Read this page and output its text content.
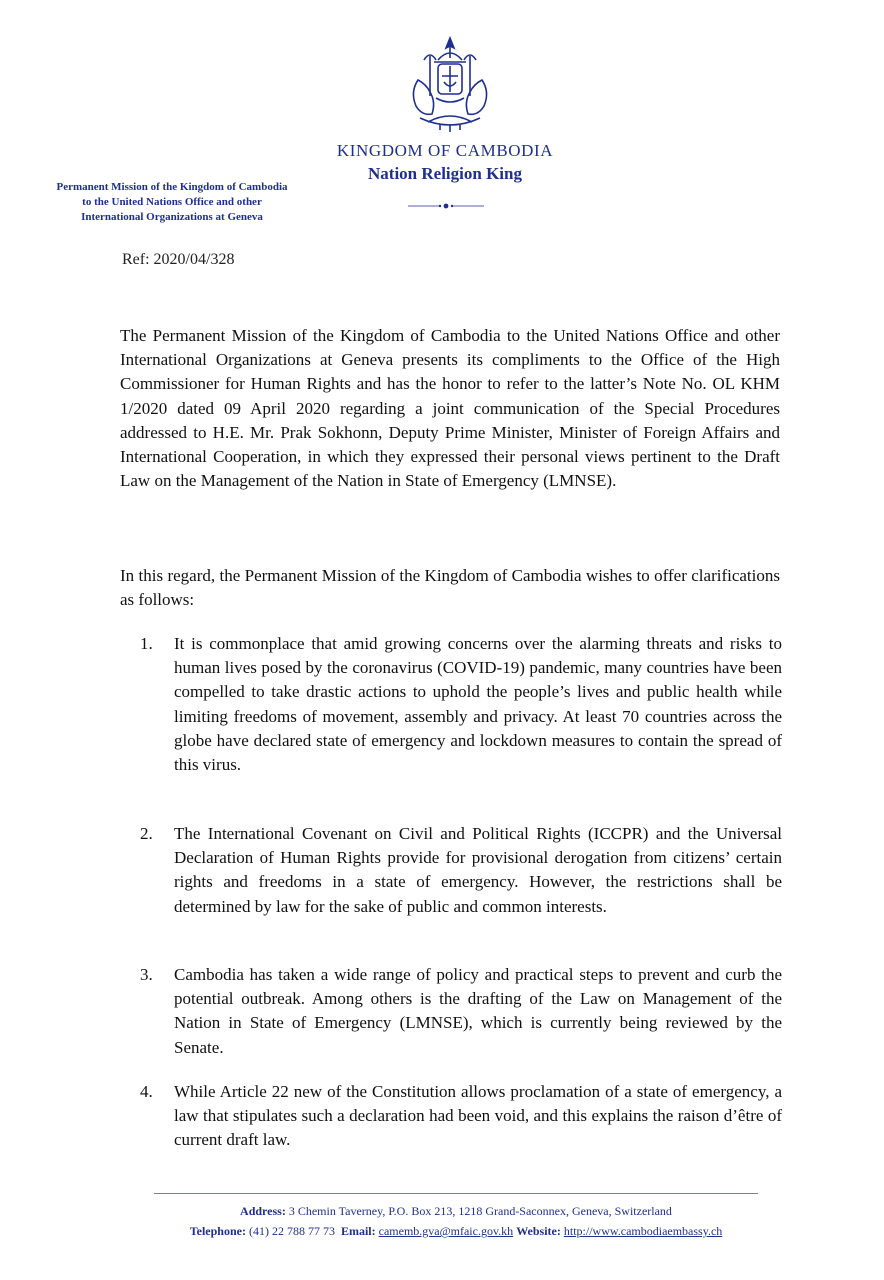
KINGDOM OF CAMBODIA
Nation Religion King
Permanent Mission of the Kingdom of Cambodia
to the United Nations Office and other
International Organizations at Geneva
Ref: 2020/04/328

The Permanent Mission of the Kingdom of Cambodia to the United Nations Office and other International Organizations at Geneva presents its compliments to the Office of the High Commissioner for Human Rights and has the honor to refer to the latter’s Note No. OL KHM 1/2020 dated 09 April 2020 regarding a joint communication of the Special Procedures addressed to H.E. Mr. Prak Sokhonn, Deputy Prime Minister, Minister of Foreign Affairs and International Cooperation, in which they expressed their personal views pertinent to the Draft Law on the Management of the Nation in State of Emergency (LMNSE).

In this regard, the Permanent Mission of the Kingdom of Cambodia wishes to offer clarifications as follows:

1. It is commonplace that amid growing concerns over the alarming threats and risks to human lives posed by the coronavirus (COVID-19) pandemic, many countries have been compelled to take drastic actions to uphold the people’s lives and public health while limiting freedoms of movement, assembly and privacy. At least 70 countries across the globe have declared state of emergency and lockdown measures to contain the spread of this virus.
2. The International Covenant on Civil and Political Rights (ICCPR) and the Universal Declaration of Human Rights provide for provisional derogation from citizens’ certain rights and freedoms in a state of emergency. However, the restrictions shall be determined by law for the sake of public and common interests.
3. Cambodia has taken a wide range of policy and practical steps to prevent and curb the potential outbreak. Among others is the drafting of the Law on Management of the Nation in State of Emergency (LMNSE), which is currently being reviewed by the Senate.
4. While Article 22 new of the Constitution allows proclamation of a state of emergency, a law that stipulates such a declaration had been void, and this explains the raison d’être of current draft law.
Address: 3 Chemin Taverney, P.O. Box 213, 1218 Grand-Saconnex, Geneva, Switzerland
Telephone: (41) 22 788 77 73 Email: camemb.gva@mfaic.gov.kh Website: http://www.cambodiaembassy.ch
